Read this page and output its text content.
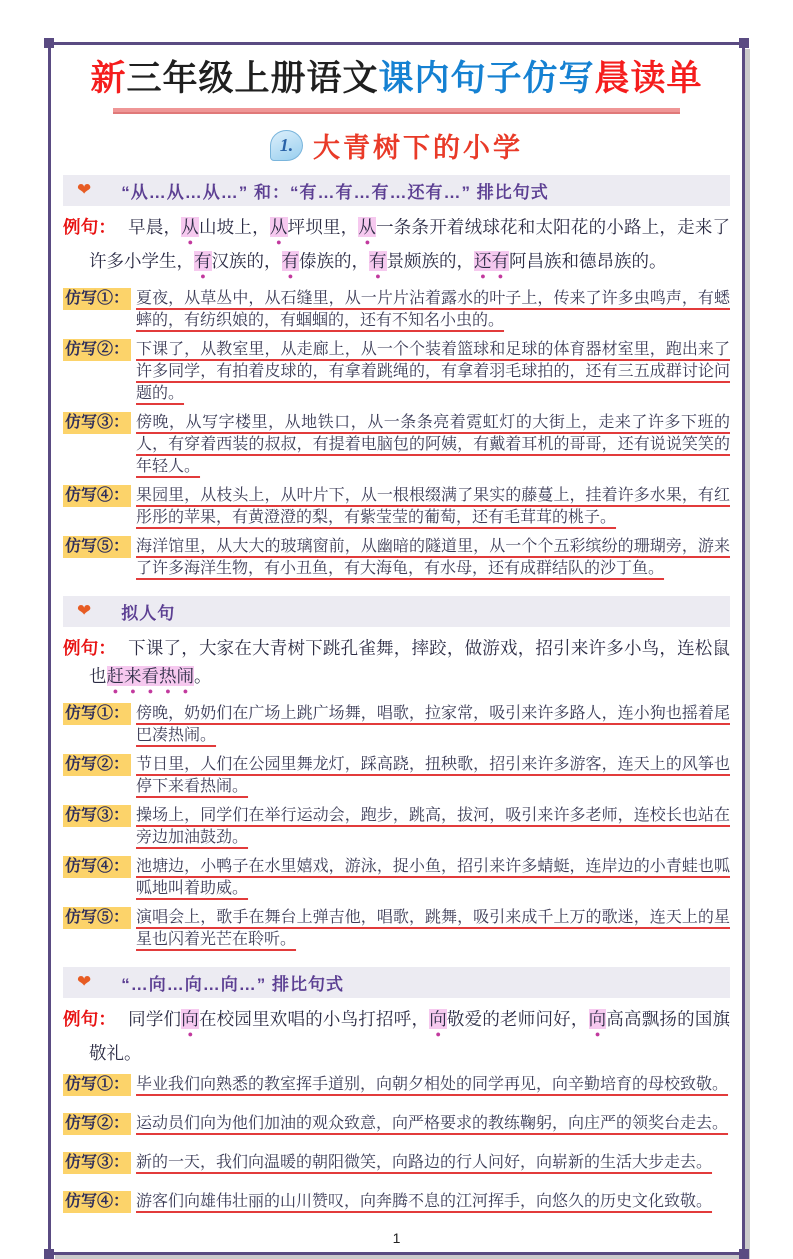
新三年级上册语文课内句子仿写晨读单
1. 大青树下的小学
❤ “从…从…从…” 和：“有…有…有…还有…” 排比句式

例句： 早晨，从山坡上，从坪坝里，从一条条开着绒球花和太阳花的小路上，走来了许多小学生，有汉族的，有傣族的，有景颇族的，还有阿昌族和德昂族的。

仿写①： 夏夜，从草丛中，从石缝里，从一片片沾着露水的叶子上，传来了许多虫鸣声，有蟋蟀的，有纺织娘的，有蝈蝈的，还有不知名小虫的。
仿写②： 下课了，从教室里，从走廊上，从一个个装着篮球和足球的体育器材室里，跑出来了许多同学，有拍着皮球的，有拿着跳绳的，有拿着羽毛球拍的，还有三五成群讨论问题的。
仿写③： 傍晚，从写字楼里，从地铁口，从一条条亮着霓虹灯的大街上，走来了许多下班的人，有穿着西装的叔叔，有提着电脑包的阿姨，有戴着耳机的哥哥，还有说说笑笑的年轻人。
仿写④： 果园里，从枝头上，从叶片下，从一根根缀满了果实的藤蔓上，挂着许多水果，有红彤彤的苹果，有黄澄澄的梨，有紫莹莹的葡萄，还有毛茸茸的桃子。
仿写⑤： 海洋馆里，从大大的玻璃窗前，从幽暗的隧道里，从一个个五彩缤纷的珊瑚旁，游来了许多海洋生物，有小丑鱼，有大海龟，有水母，还有成群结队的沙丁鱼。
❤ 拟人句

例句： 下课了，大家在大青树下跳孔雀舞，摔跤，做游戏，招引来许多小鸟，连松鼠也赶来看热闹。

仿写①： 傍晚，奶奶们在广场上跳广场舞，唱歌，拉家常，吸引来许多路人，连小狗也摇着尾巴凑热闹。
仿写②： 节日里，人们在公园里舞龙灯，踩高跷，扭秧歌，招引来许多游客，连天上的风筝也停下来看热闹。
仿写③： 操场上，同学们在举行运动会，跑步，跳高，拔河，吸引来许多老师，连校长也站在旁边加油鼓劲。
仿写④： 池塘边，小鸭子在水里嬉戏，游泳，捉小鱼，招引来许多蜻蜓，连岸边的小青蛙也呱呱地叫着助威。
仿写⑤： 演唱会上，歌手在舞台上弹吉他，唱歌，跳舞，吸引来成千上万的歌迷，连天上的星星也闪着光芒在聆听。
❤ “…向…向…向…” 排比句式

例句： 同学们向在校园里欢唱的小鸟打招呼，向敬爱的老师问好，向高高飘扬的国旗敬礼。

仿写①： 毕业我们向熟悉的教室挥手道别，向朝夕相处的同学再见，向辛勤培育的母校致敬。
仿写②： 运动员们向为他们加油的观众致意，向严格要求的教练鞠躬，向庄严的领奖台走去。
仿写③： 新的一天，我们向温暖的朝阳微笑，向路边的行人问好，向崭新的生活大步走去。
仿写④： 游客们向雄伟壮丽的山川赞叹，向奔腾不息的江河挥手，向悠久的历史文化致敬。
1
